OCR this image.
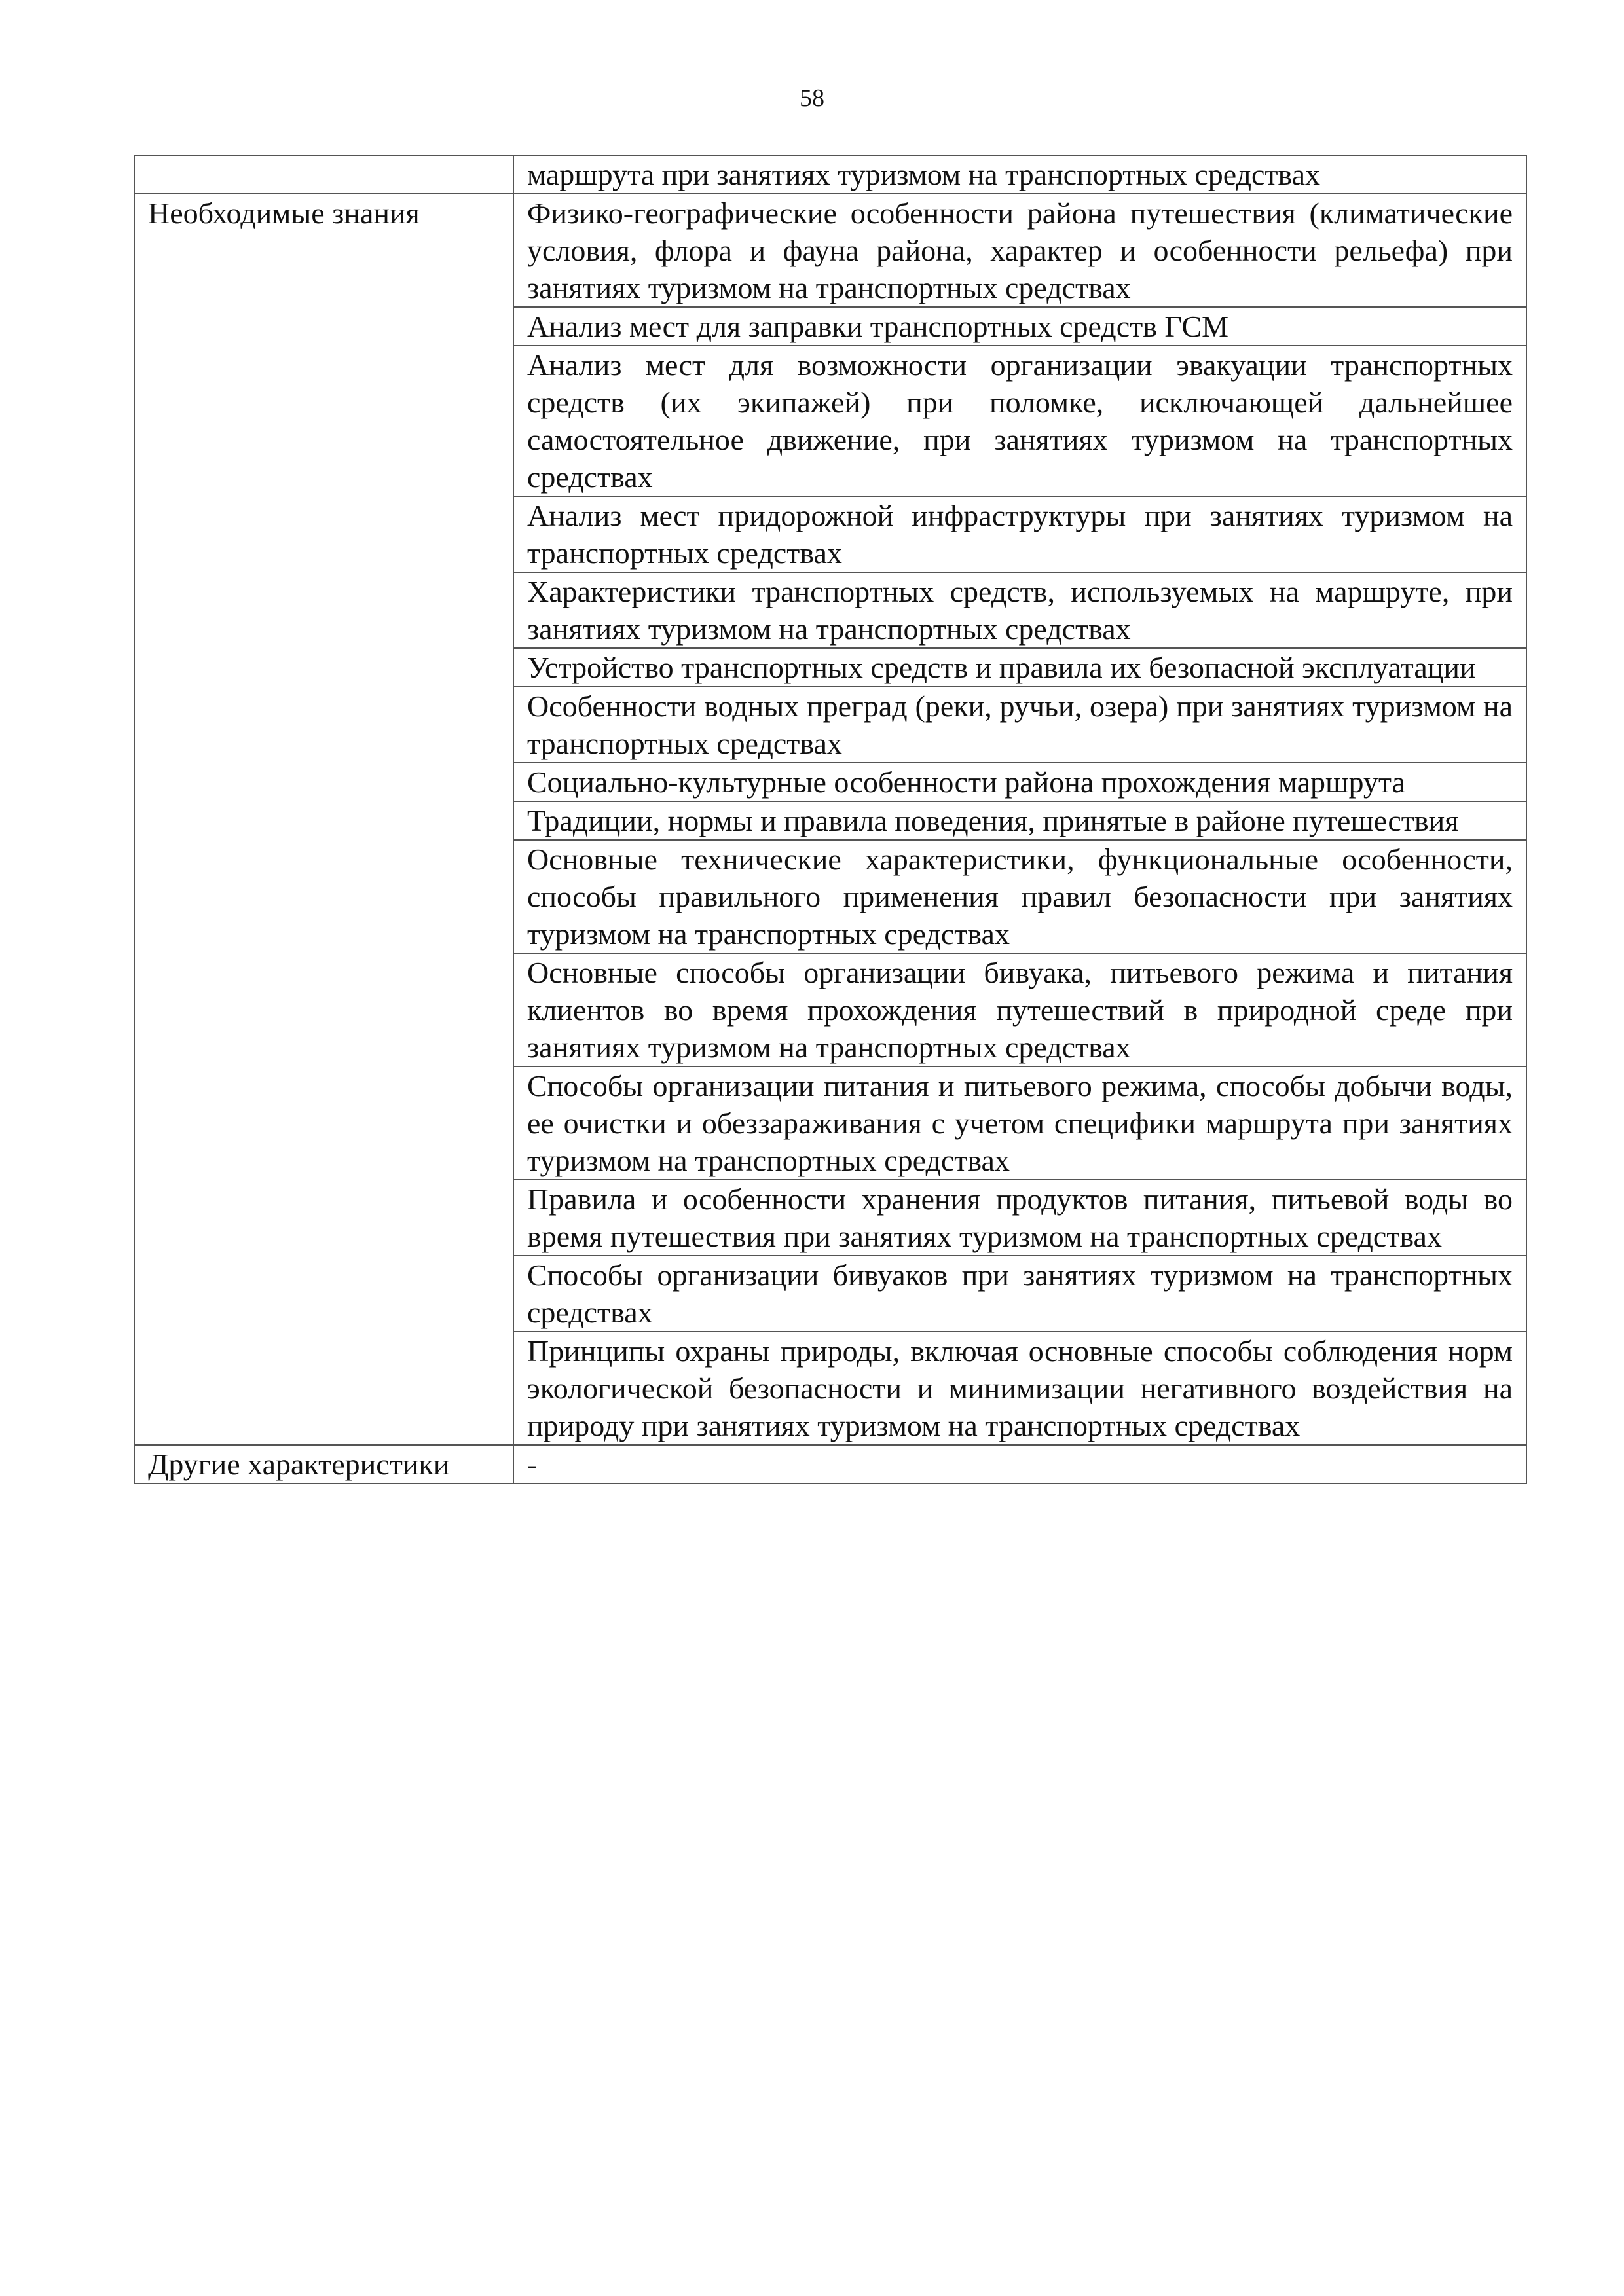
58
	маршрута при занятиях туризмом на транспортных средствах
Необходимые знания	Физико-географические особенности района путешествия (климатические условия, флора и фауна района, характер и особенности рельефа) при занятиях туризмом на транспортных средствах
	Анализ мест для заправки транспортных средств ГСМ
	Анализ мест для возможности организации эвакуации транспортных средств (их экипажей) при поломке, исключающей дальнейшее самостоятельное движение, при занятиях туризмом на транспортных средствах
	Анализ мест придорожной инфраструктуры при занятиях туризмом на транспортных средствах
	Характеристики транспортных средств, используемых на маршруте, при занятиях туризмом на транспортных средствах
	Устройство транспортных средств и правила их безопасной эксплуатации
	Особенности водных преград (реки, ручьи, озера) при занятиях туризмом на транспортных средствах
	Социально-культурные особенности района прохождения маршрута
	Традиции, нормы и правила поведения, принятые в районе путешествия
	Основные технические характеристики, функциональные особенности, способы правильного применения правил безопасности при занятиях туризмом на транспортных средствах
	Основные способы организации бивуака, питьевого режима и питания клиентов во время прохождения путешествий в природной среде при занятиях туризмом на транспортных средствах
	Способы организации питания и питьевого режима, способы добычи воды, ее очистки и обеззараживания с учетом специфики маршрута при занятиях туризмом на транспортных средствах
	Правила и особенности хранения продуктов питания, питьевой воды во время путешествия при занятиях туризмом на транспортных средствах
	Способы организации бивуаков при занятиях туризмом на транспортных средствах
	Принципы охраны природы, включая основные способы соблюдения норм экологической безопасности и минимизации негативного воздействия на природу при занятиях туризмом на транспортных средствах
Другие характеристики	-
